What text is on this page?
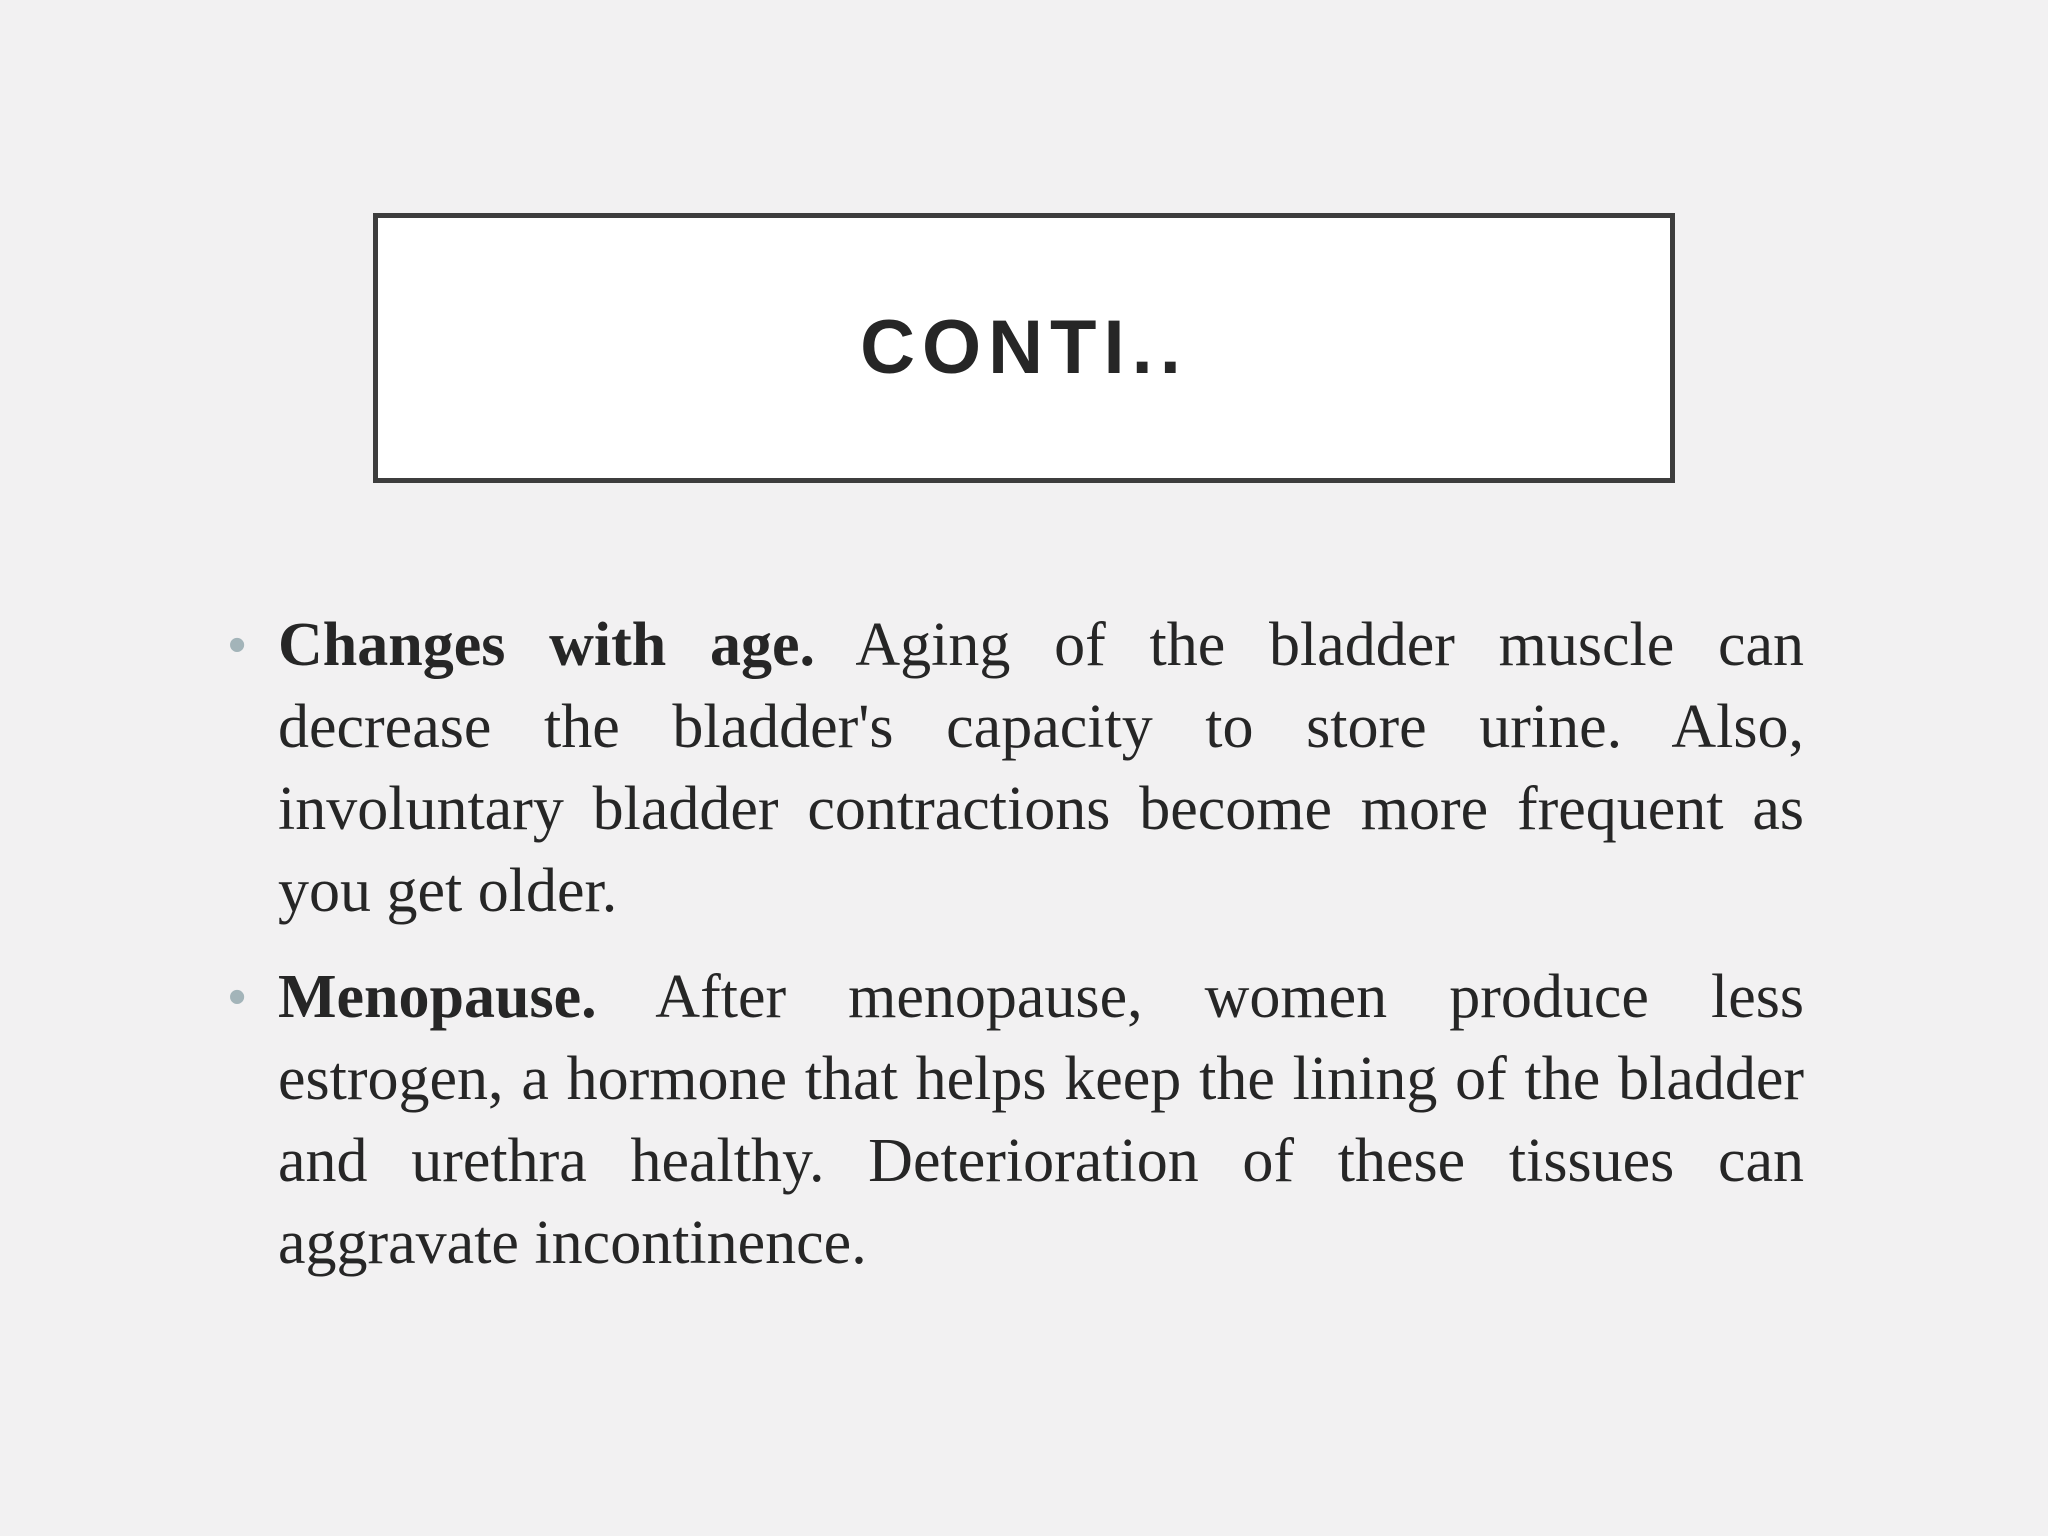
CONTI..
• Changes with age. Aging of the bladder muscle can decrease the bladder's capacity to store urine. Also, involuntary bladder contractions become more frequent as you get older.

• Menopause. After menopause, women produce less estrogen, a hormone that helps keep the lining of the bladder and urethra healthy. Deterioration of these tissues can aggravate incontinence.
